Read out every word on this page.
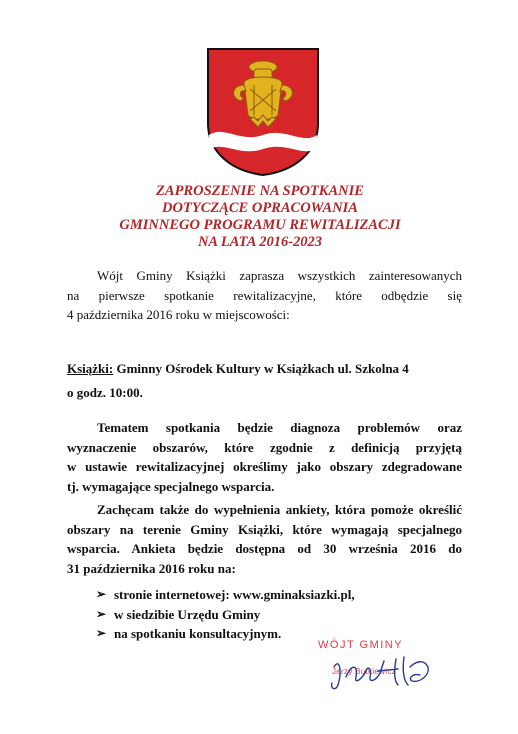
ZAPROSZENIE NA SPOTKANIE
DOTYCZĄCE OPRACOWANIA
GMINNEGO PROGRAMU REWITALIZACJI
NA LATA 2016-2023
Wójt Gminy Książki zaprasza wszystkich zainteresowanych
na pierwsze spotkanie rewitalizacyjne, które odbędzie się
4 października 2016 roku w miejscowości:
Książki: Gminny Ośrodek Kultury w Książkach ul. Szkolna 4
o godz. 10:00.
Tematem spotkania będzie diagnoza problemów oraz
wyznaczenie obszarów, które zgodnie z definicją przyjętą
w ustawie rewitalizacyjnej określimy jako obszary zdegradowane
tj. wymagające specjalnego wsparcia.
Zachęcam także do wypełnienia ankiety, która pomoże określić
obszary na terenie Gminy Książki, które wymagają specjalnego
wsparcia. Ankieta będzie dostępna od 30 września 2016 do
31 października 2016 roku na:
➢ stronie internetowej: www.gminaksiazki.pl,
➢ w siedzibie Urzędu Gminy
➢ na spotkaniu konsultacyjnym.
WÓJT GMINY
Jerzy Butkiewicz
